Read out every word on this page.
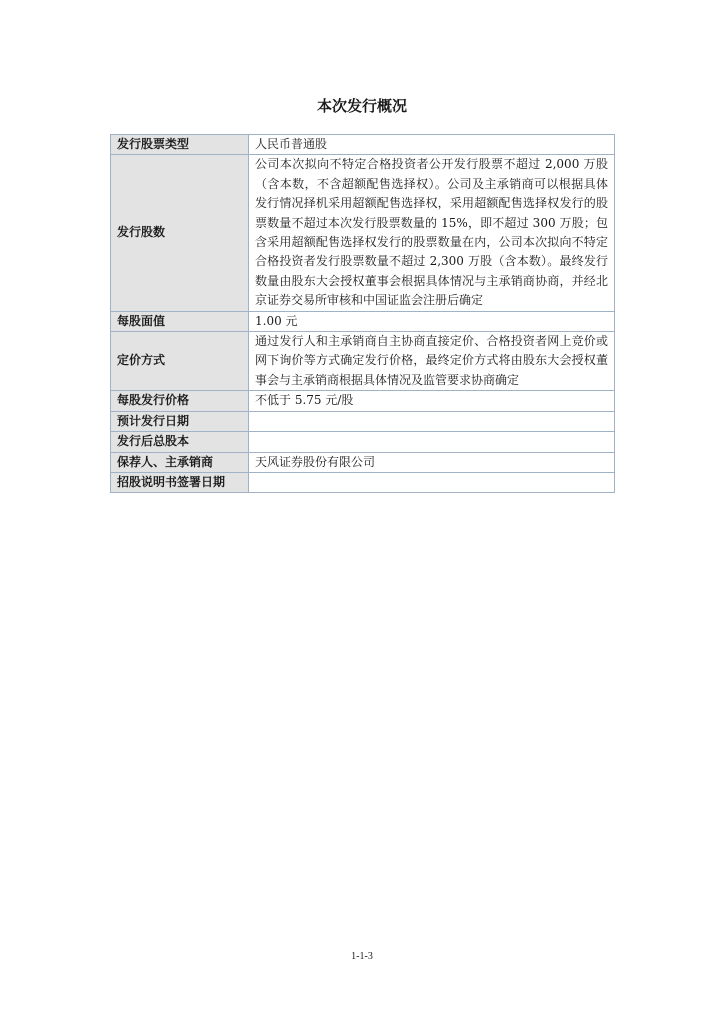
本次发行概况
发行股票类型	人民币普通股
发行股数	公司本次拟向不特定合格投资者公开发行股票不超过 2,000 万股（含本数，不含超额配售选择权）。公司及主承销商可以根据具体发行情况择机采用超额配售选择权，采用超额配售选择权发行的股票数量不超过本次发行股票数量的 15%，即不超过 300 万股；包含采用超额配售选择权发行的股票数量在内，公司本次拟向不特定合格投资者发行股票数量不超过 2,300 万股（含本数）。最终发行数量由股东大会授权董事会根据具体情况与主承销商协商，并经北京证券交易所审核和中国证监会注册后确定
每股面值	1.00 元
定价方式	通过发行人和主承销商自主协商直接定价、合格投资者网上竞价或网下询价等方式确定发行价格，最终定价方式将由股东大会授权董事会与主承销商根据具体情况及监管要求协商确定
每股发行价格	不低于 5.75 元/股
预计发行日期	
发行后总股本	
保荐人、主承销商	天风证券股份有限公司
招股说明书签署日期	
1-1-3
